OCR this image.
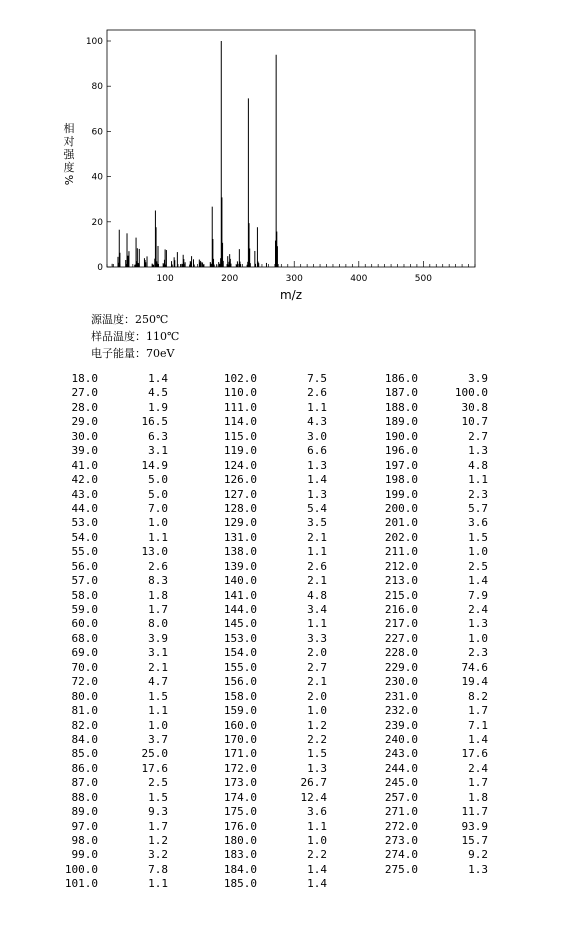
0
20
40
60
80
100
100	200	300	400	500
相
对
强
度
%
m/z
源温度：250℃
样品温度：110℃
电子能量：70eV
18.0	1.4
27.0	4.5
28.0	1.9
29.0	16.5
30.0	6.3
39.0	3.1
41.0	14.9
42.0	5.0
43.0	5.0
44.0	7.0
53.0	1.0
54.0	1.1
55.0	13.0
56.0	2.6
57.0	8.3
58.0	1.8
59.0	1.7
60.0	8.0
68.0	3.9
69.0	3.1
70.0	2.1
72.0	4.7
80.0	1.5
81.0	1.1
82.0	1.0
84.0	3.7
85.0	25.0
86.0	17.6
87.0	2.5
88.0	1.5
89.0	9.3
97.0	1.7
98.0	1.2
99.0	3.2
100.0	7.8
101.0	1.1
102.0	7.5
110.0	2.6
111.0	1.1
114.0	4.3
115.0	3.0
119.0	6.6
124.0	1.3
126.0	1.4
127.0	1.3
128.0	5.4
129.0	3.5
131.0	2.1
138.0	1.1
139.0	2.6
140.0	2.1
141.0	4.8
144.0	3.4
145.0	1.1
153.0	3.3
154.0	2.0
155.0	2.7
156.0	2.1
158.0	2.0
159.0	1.0
160.0	1.2
170.0	2.2
171.0	1.5
172.0	1.3
173.0	26.7
174.0	12.4
175.0	3.6
176.0	1.1
180.0	1.0
183.0	2.2
184.0	1.4
185.0	1.4
186.0	3.9
187.0	100.0
188.0	30.8
189.0	10.7
190.0	2.7
196.0	1.3
197.0	4.8
198.0	1.1
199.0	2.3
200.0	5.7
201.0	3.6
202.0	1.5
211.0	1.0
212.0	2.5
213.0	1.4
215.0	7.9
216.0	2.4
217.0	1.3
227.0	1.0
228.0	2.3
229.0	74.6
230.0	19.4
231.0	8.2
232.0	1.7
239.0	7.1
240.0	1.4
243.0	17.6
244.0	2.4
245.0	1.7
257.0	1.8
271.0	11.7
272.0	93.9
273.0	15.7
274.0	9.2
275.0	1.3
